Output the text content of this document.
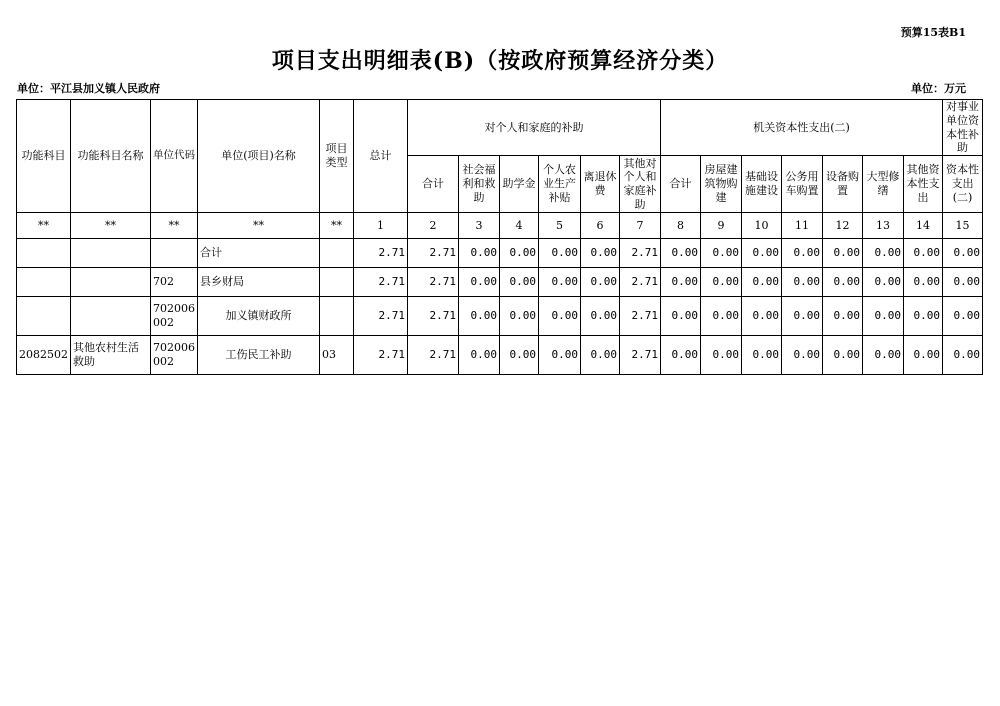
预算15表B1
项目支出明细表(B)（按政府预算经济分类）
单位：平江县加义镇人民政府	单位：万元
功能科目	功能科目名称	单位代码	单位(项目)名称	项目类型	总计	对个人和家庭的补助						机关资本性支出(二)							对事业单位资本性补助
						合计	社会福利和救助	助学金	个人农业生产补贴	离退休费	其他对个人和家庭补助	合计	房屋建筑物购建	基础设施建设	公务用车购置	设备购置	大型修缮	其他资本性支出	资本性支出(二)
**	**	**	**	**	1	2	3	4	5	6	7	8	9	10	11	12	13	14	15
			合计		2.71	2.71	0.00	0.00	0.00	0.00	2.71	0.00	0.00	0.00	0.00	0.00	0.00	0.00	0.00
		702	县乡财局		2.71	2.71	0.00	0.00	0.00	0.00	2.71	0.00	0.00	0.00	0.00	0.00	0.00	0.00	0.00
		702006002	加义镇财政所		2.71	2.71	0.00	0.00	0.00	0.00	2.71	0.00	0.00	0.00	0.00	0.00	0.00	0.00	0.00
2082502	其他农村生活救助	702006002	工伤民工补助	03	2.71	2.71	0.00	0.00	0.00	0.00	2.71	0.00	0.00	0.00	0.00	0.00	0.00	0.00	0.00
